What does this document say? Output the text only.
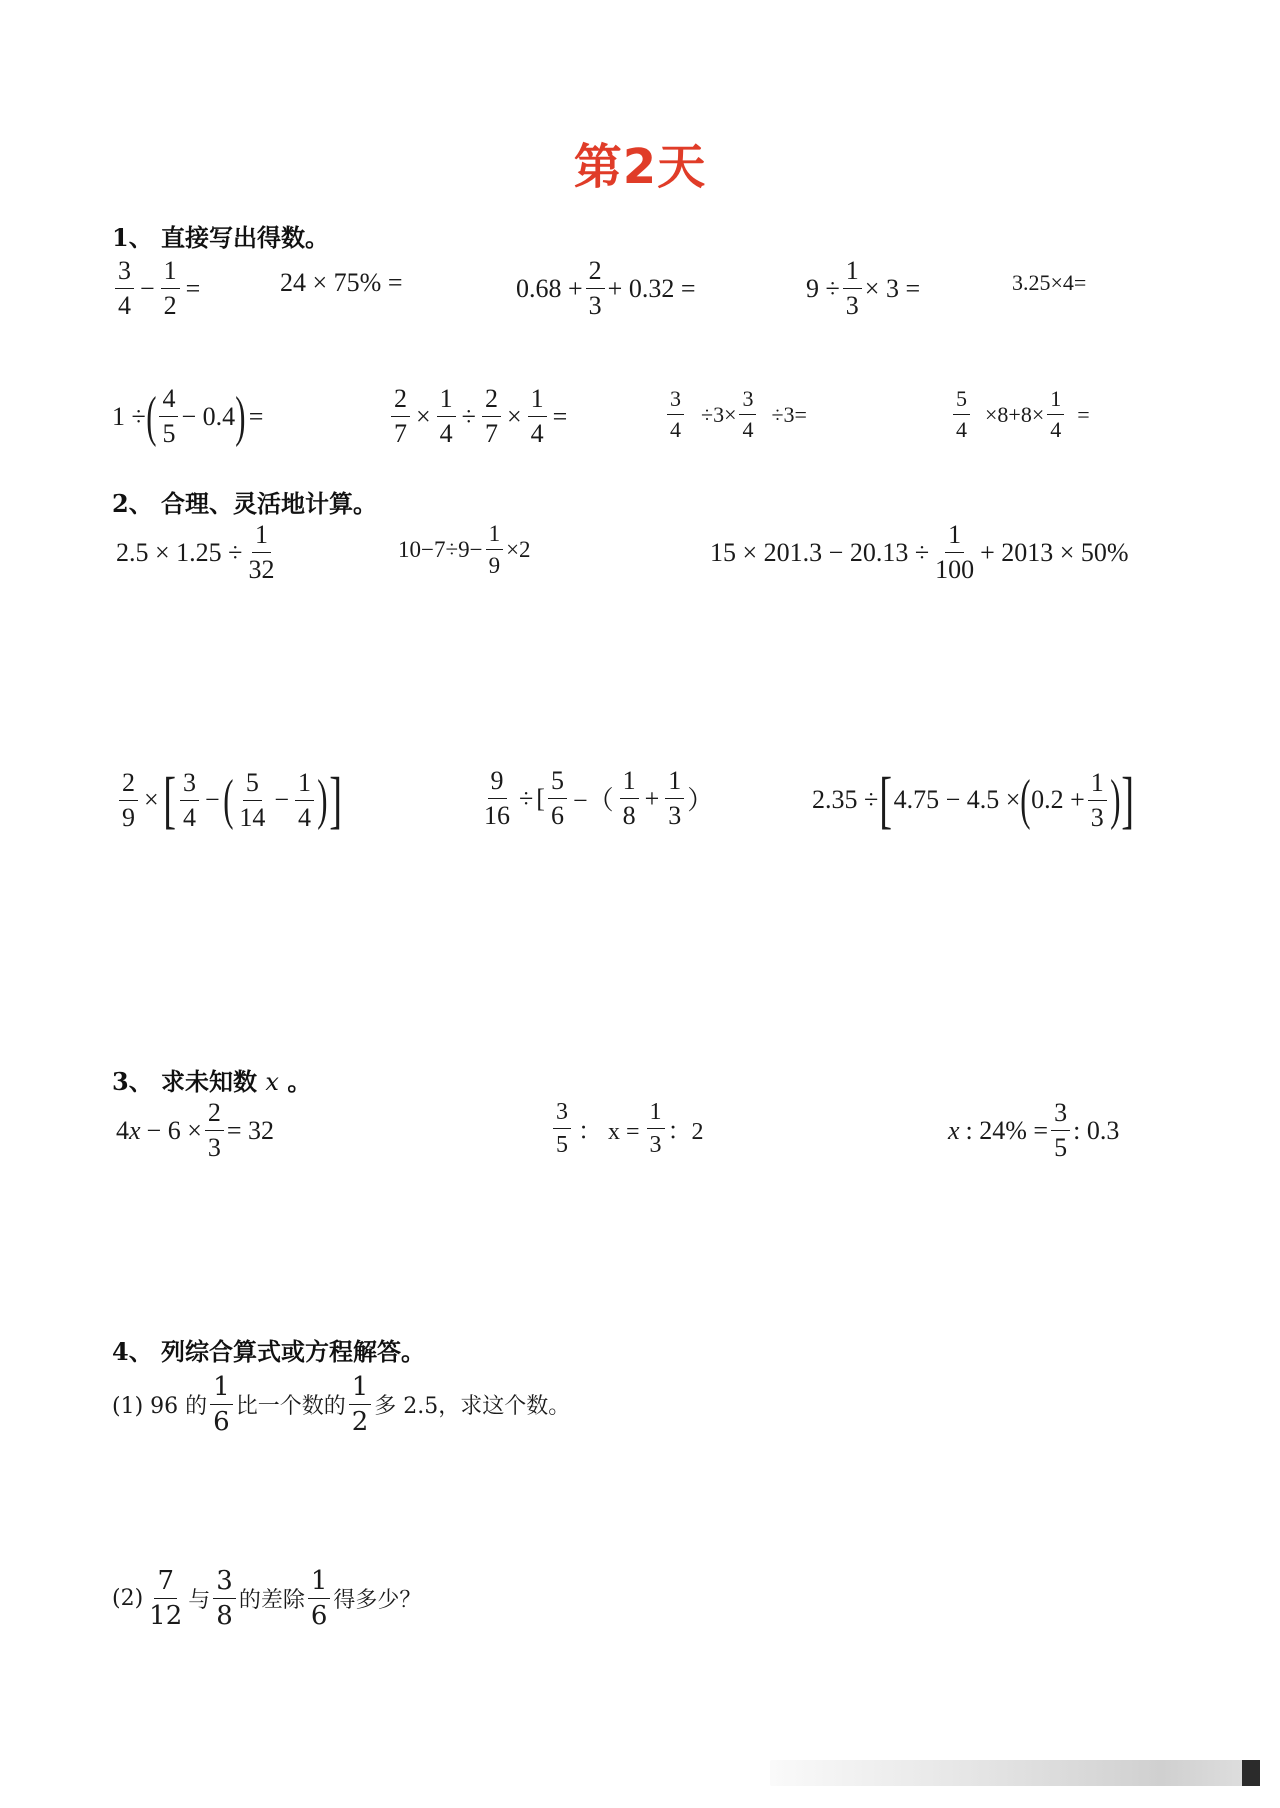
第2天
1、 直接写出得数。
$\frac{3}{4} - \frac{1}{2}$ =	24 × 75% =	$0.68 + \frac{2}{3} + 0.32$ =	$9 \div \frac{1}{3} \times 3$ =	3.25×4=
1 ÷ ( $\frac{4}{5} - 0.4$ ) =	$\frac{2}{7} \times \frac{1}{4} \div \frac{2}{7} \times \frac{1}{4}$ =	$\frac{3}{4} \div 3\times \frac{3}{4} \div 3=$	$\frac{5}{4} \times 8+8\times \frac{1}{4}$ =
2、 合理、灵活地计算。
$2.5 \times 1.25 \div \frac{1}{32}$	$10-7\div 9- \frac{1}{9} \times 2$	$15 \times 201.3 - 20.13 \div \frac{1}{100} + 2013 \times 50\%$
$\frac{2}{9}$ × [ $\frac{3}{4}$ − ( $\frac{5}{14} - \frac{1}{4}$ ) ]	$\frac{9}{16}$ ÷ [ $\frac{5}{6}$ −（ $\frac{1}{8} + \frac{1}{3}$ ）	2.35 ÷ [ 4.75 − 4.5 × ( $0.2 + \frac{1}{3}$ ) ]
3、 求未知数 x 。
4 $x - 6 \times \frac{2}{3} = 32$	$\frac{3}{5}$ ： $x = \frac{1}{3}$ ：2	x : $24\% = \frac{3}{5}$ : 0.3
4、 列综合算式或方程解答。
(1) 96 的 $\frac{1}{6}$ 比一个数的 $\frac{1}{2}$ 多 2.5，求这个数。
$(2) \frac{7}{12}$ 与 $\frac{3}{8}$ 的差除 $\frac{1}{6}$ 得多少？
